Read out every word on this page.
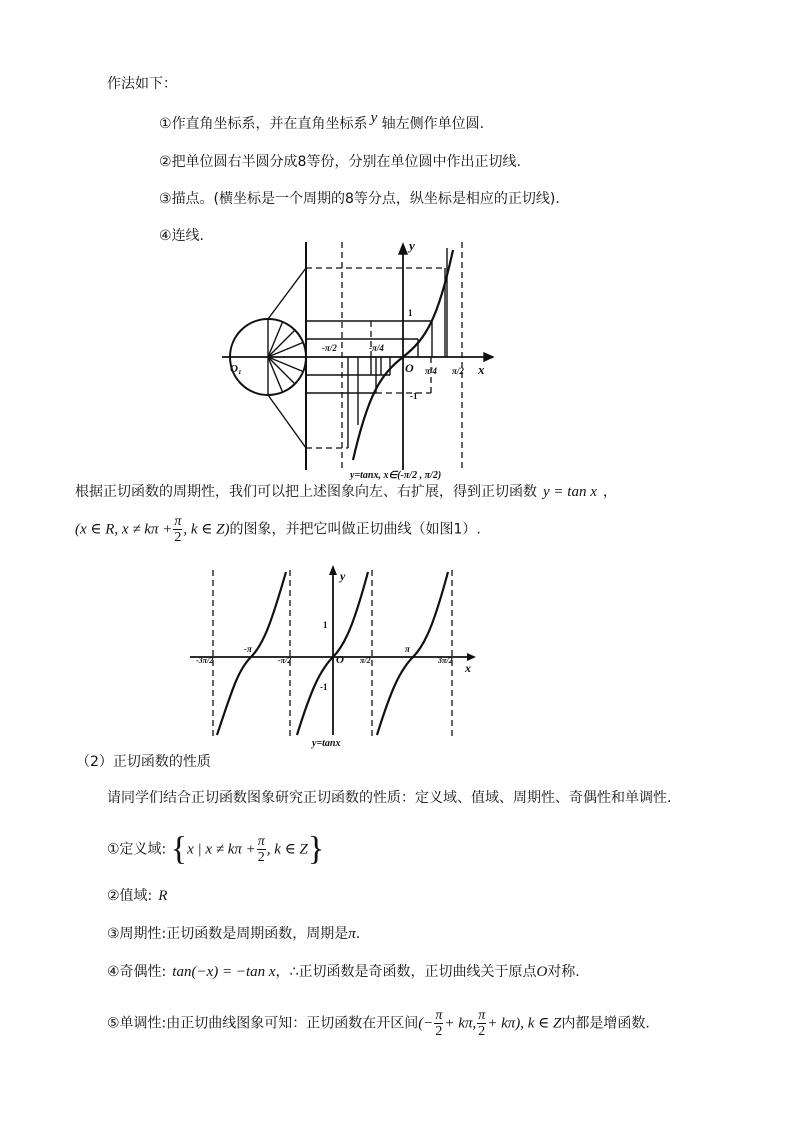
作法如下：
①作直角坐标系，并在直角坐标系 y 轴左侧作单位圆.
②把单位圆右半圆分成8等份，分别在单位圆中作出正切线.
③描点。(横坐标是一个周期的8等分点，纵坐标是相应的正切线).
④连线.
y
x
O
O₁
1
-1
-π/2	-π/4
π/4 π/2
y=tanx, x∈(-π/2 , π/2)
根据正切函数的周期性，我们可以把上述图象向左、右扩展，得到正切函数 y = tan x ，
(x ∈ R, $x \ne k\pi + \frac{\pi}{2}$ , k ∈ Z)的图象，并把它叫做正切曲线（如图1）.
y
x
O
1
-1
-3π/2
-π
-π/2	π/2
π
3π/2
y=tanx
（2）正切函数的性质
请同学们结合正切函数图象研究正切函数的性质：定义域、值域、周期性、奇偶性和单调性.
①定义域: {x | $x \ne k\pi + \frac{\pi}{2}$ , k ∈ Z}
②值域: R
③周期性:正切函数是周期函数，周期是π.
④奇偶性: tan(−x) = −tan x，∴正切函数是奇函数，正切曲线关于原点O对称.
⑤单调性:由正切曲线图象可知：正切函数在开区间(− $\frac{\pi}{2} + k\pi$, $\frac{\pi}{2} + k\pi$), k ∈ Z内都是增函数.
